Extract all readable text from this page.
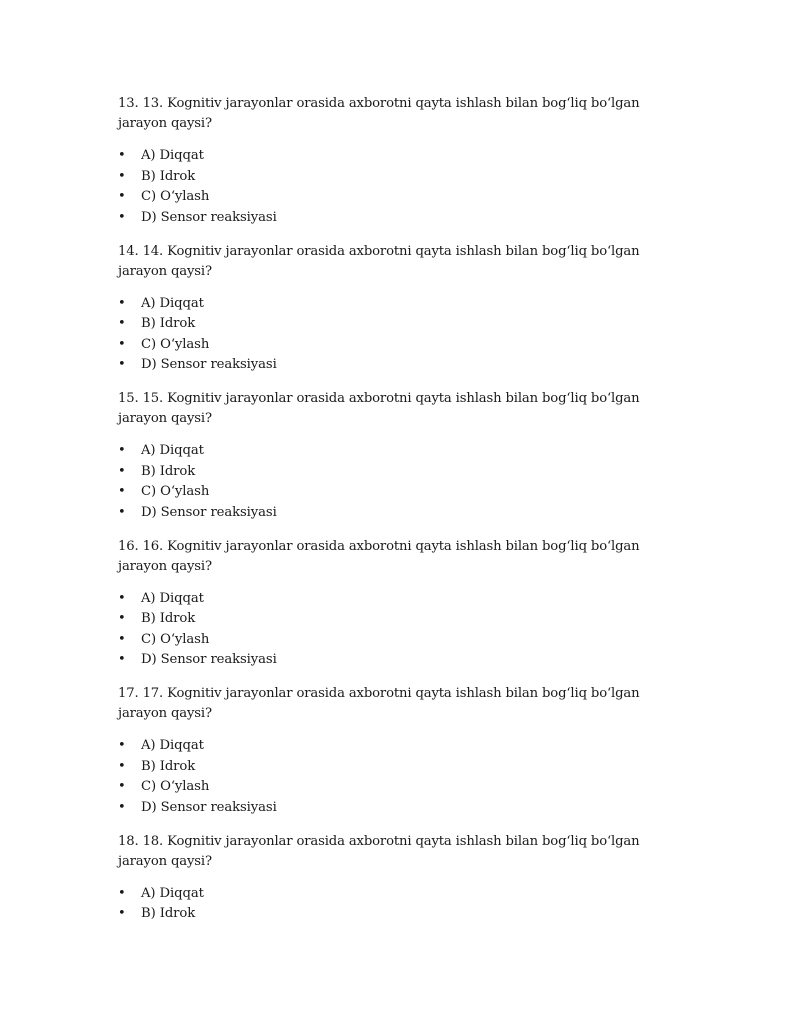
13. 13. Kognitiv jarayonlar orasida axborotni qayta ishlash bilan bog‘liq bo‘lgan jarayon qaysi?

• A) Diqqat
• B) Idrok
• C) O‘ylash
• D) Sensor reaksiyasi

14. 14. Kognitiv jarayonlar orasida axborotni qayta ishlash bilan bog‘liq bo‘lgan jarayon qaysi?

• A) Diqqat
• B) Idrok
• C) O‘ylash
• D) Sensor reaksiyasi

15. 15. Kognitiv jarayonlar orasida axborotni qayta ishlash bilan bog‘liq bo‘lgan jarayon qaysi?

• A) Diqqat
• B) Idrok
• C) O‘ylash
• D) Sensor reaksiyasi

16. 16. Kognitiv jarayonlar orasida axborotni qayta ishlash bilan bog‘liq bo‘lgan jarayon qaysi?

• A) Diqqat
• B) Idrok
• C) O‘ylash
• D) Sensor reaksiyasi

17. 17. Kognitiv jarayonlar orasida axborotni qayta ishlash bilan bog‘liq bo‘lgan jarayon qaysi?

• A) Diqqat
• B) Idrok
• C) O‘ylash
• D) Sensor reaksiyasi

18. 18. Kognitiv jarayonlar orasida axborotni qayta ishlash bilan bog‘liq bo‘lgan jarayon qaysi?

• A) Diqqat
• B) Idrok
